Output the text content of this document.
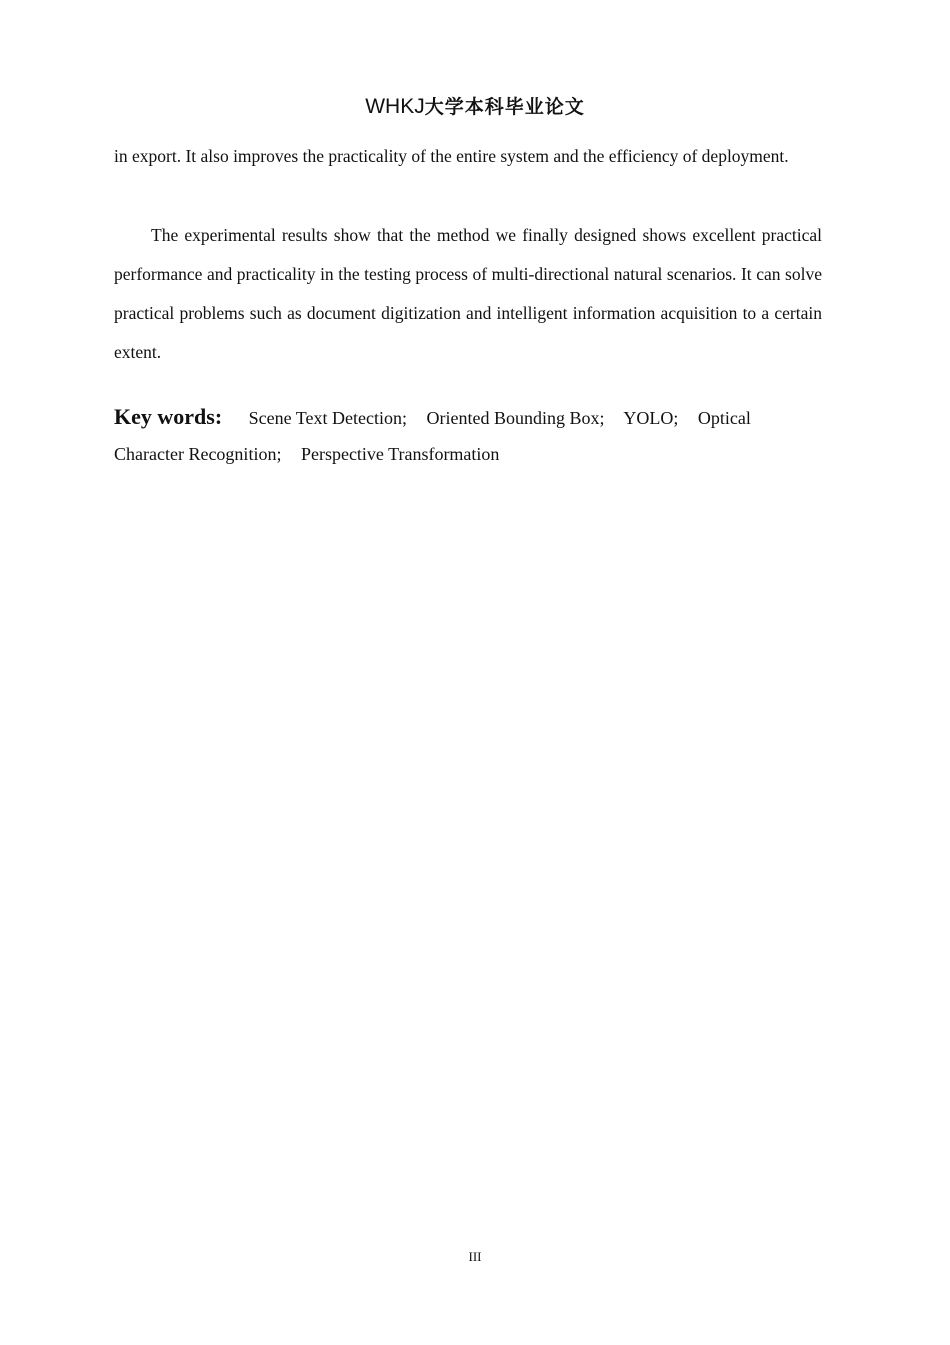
WHKJ大学本科毕业论文

in export. It also improves the practicality of the entire system and the efficiency of deployment.

The experimental results show that the method we finally designed shows excellent practical performance and practicality in the testing process of multi-directional natural scenarios. It can solve practical problems such as document digitization and intelligent information acquisition to a certain extent.

Key words: Scene Text Detection; Oriented Bounding Box; YOLO; Optical Character Recognition; Perspective Transformation
III
